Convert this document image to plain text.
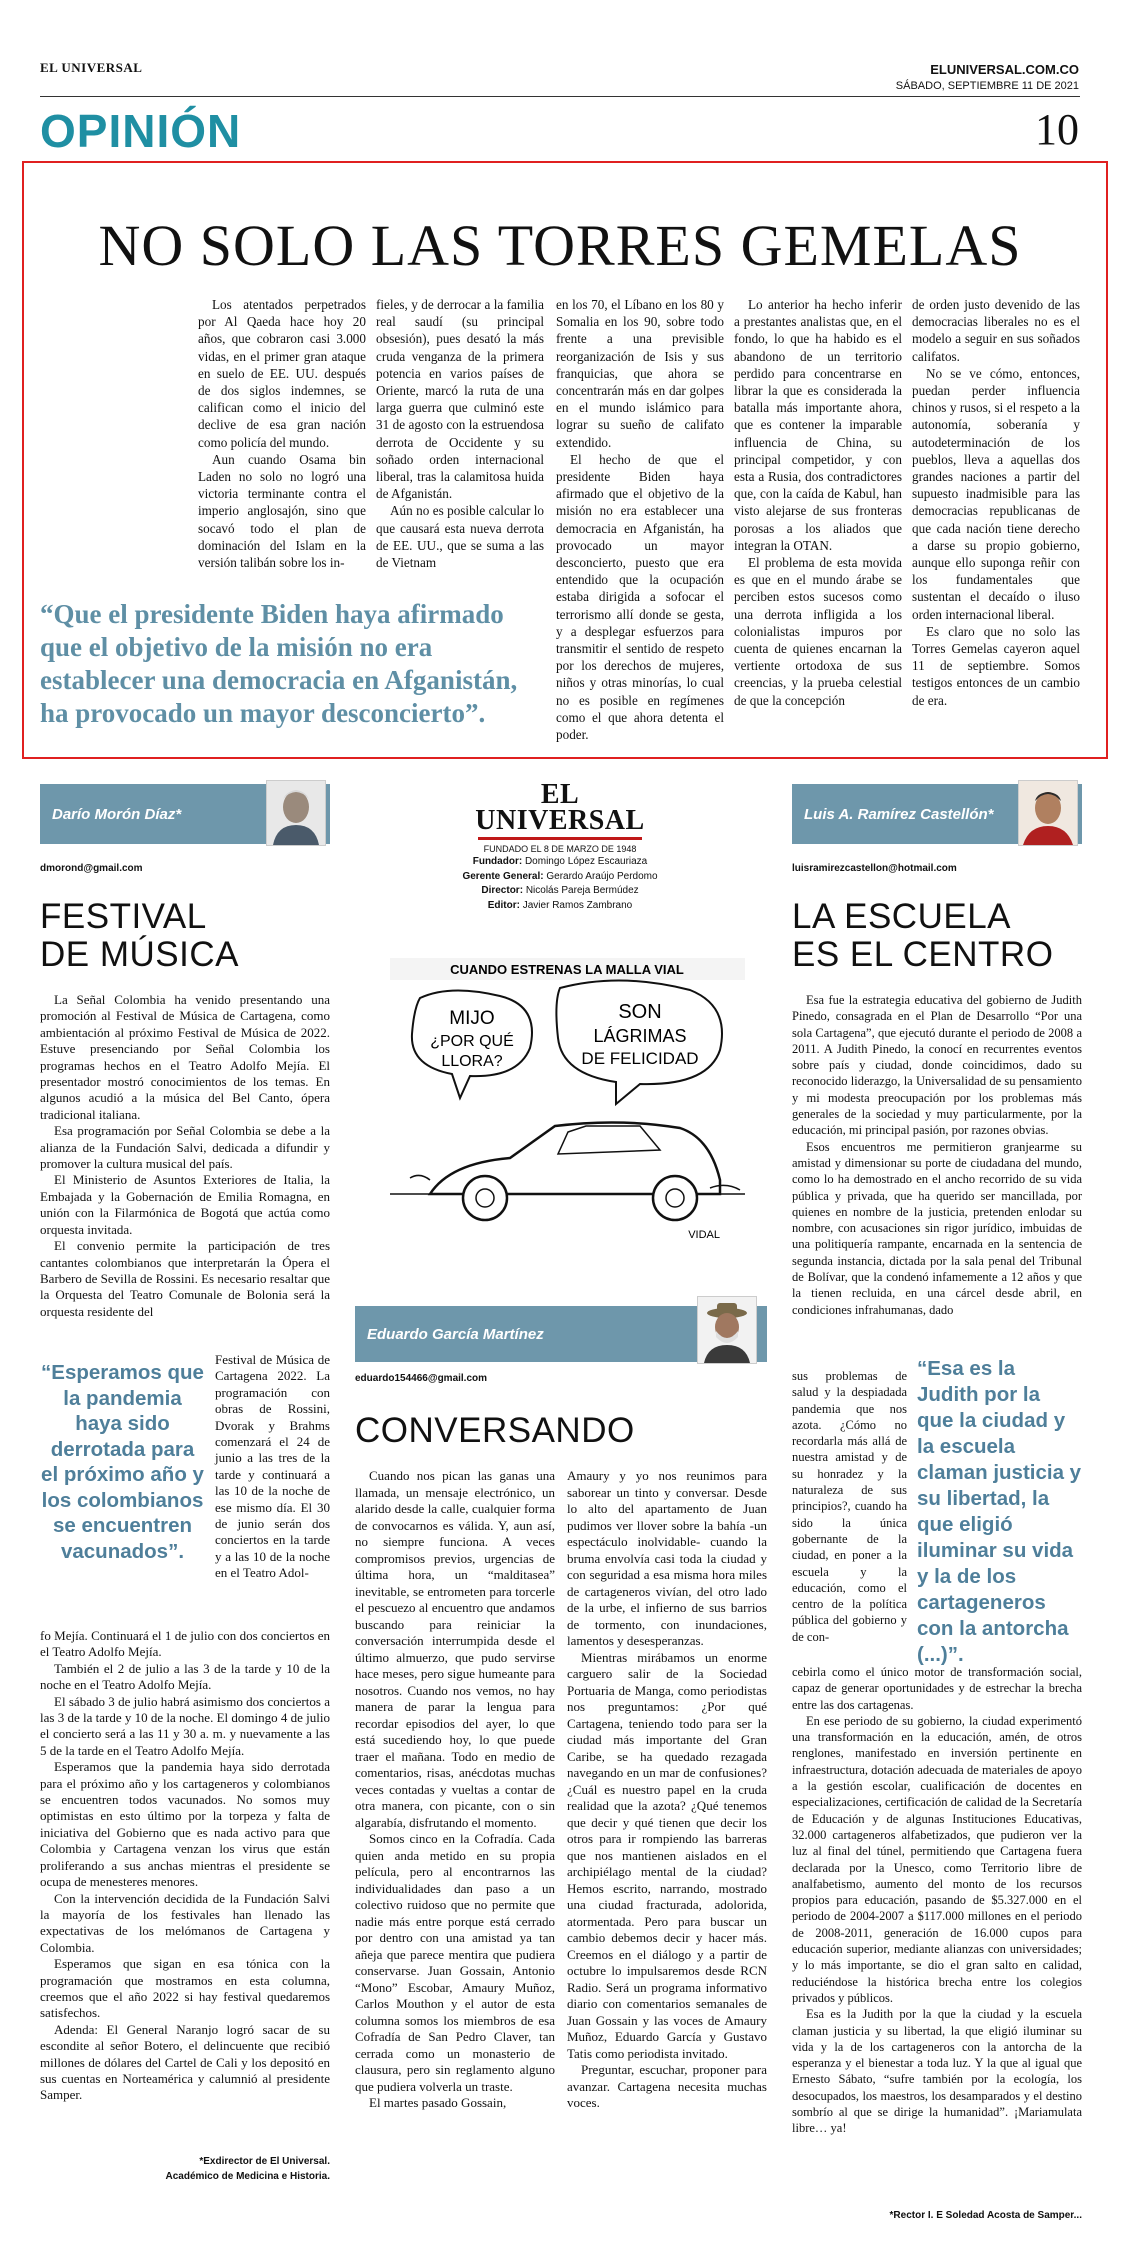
EL UNIVERSAL	ELUNIVERSAL.COM.CO
SÁBADO, SEPTIEMBRE 11 DE 2021
OPINIÓN	10
NO SOLO LAS TORRES GEMELAS

Los atentados perpetrados por Al Qaeda hace hoy 20 años, que cobraron casi 3.000 vidas, en el primer gran ataque en suelo de EE. UU. después de dos siglos indemnes, se califican como el inicio del declive de esa gran nación como policía del mundo.

Aun cuando Osama bin Laden no solo no logró una victoria terminante contra el imperio anglosajón, sino que socavó todo el plan de dominación del Islam en la versión talibán sobre los in-

fieles, y de derrocar a la familia real saudí (su principal obsesión), pues desató la más cruda venganza de la primera potencia en varios países de Oriente, marcó la ruta de una larga guerra que culminó este 31 de agosto con la estruendosa derrota de Occidente y su soñado orden internacional liberal, tras la calamitosa huida de Afganistán.

Aún no es posible calcular lo que causará esta nueva derrota de EE. UU., que se suma a las de Vietnam

en los 70, el Líbano en los 80 y Somalia en los 90, sobre todo frente a una previsible reorganización de Isis y sus franquicias, que ahora se concentrarán más en dar golpes en el mundo islámico para lograr su sueño de califato extendido.

El hecho de que el presidente Biden haya afirmado que el objetivo de la misión no era establecer una democracia en Afganistán, ha provocado un mayor desconcierto, puesto que era entendido que la ocupación estaba dirigida a sofocar el terrorismo allí donde se gesta, y a desplegar esfuerzos para transmitir el sentido de respeto por los derechos de mujeres, niños y otras minorías, lo cual no es posible en regímenes como el que ahora detenta el poder.

Lo anterior ha hecho inferir a prestantes analistas que, en el fondo, lo que ha habido es el abandono de un territorio perdido para concentrarse en librar la que es considerada la batalla más importante ahora, que es contener la imparable influencia de China, su principal competidor, y con esta a Rusia, dos contradictores que, con la caída de Kabul, han visto alejarse de sus fronteras porosas a los aliados que integran la OTAN.

El problema de esta movida es que en el mundo árabe se perciben estos sucesos como una derrota infligida a los colonialistas impuros por cuenta de quienes encarnan la vertiente ortodoxa de sus creencias, y la prueba celestial de que la concepción

de orden justo devenido de las democracias liberales no es el modelo a seguir en sus soñados califatos.

No se ve cómo, entonces, puedan perder influencia chinos y rusos, si el respeto a la autonomía, soberanía y autodeterminación de los pueblos, lleva a aquellas dos grandes naciones a partir del supuesto inadmisible para las democracias republicanas de que cada nación tiene derecho a darse su propio gobierno, aunque ello suponga reñir con los fundamentales que sustentan el decaído o iluso orden internacional liberal.

Es claro que no solo las Torres Gemelas cayeron aquel 11 de septiembre. Somos testigos entonces de un cambio de era.

“Que el presidente Biden haya afirmado que el objetivo de la misión no era establecer una democracia en Afganistán, ha provocado un mayor desconcierto”.
Darío Morón Díaz*
dmorond@gmail.com
Luis A. Ramírez Castellón*
luisramirezcastellon@hotmail.com
EL UNIVERSAL
FUNDADO EL 8 DE MARZO DE 1948
Fundador: Domingo López Escauriaza
Gerente General: Gerardo Araújo Perdomo
Director: Nicolás Pareja Bermúdez
Editor: Javier Ramos Zambrano
CUANDO ESTRENAS LA MALLA VIAL
MIJO
¿POR QUÉ
LLORA?
SON
LÁGRIMAS
DE FELICIDAD
VIDAL
FESTIVAL
DE MÚSICA

La Señal Colombia ha venido presentando una promoción al Festival de Música de Cartagena, como ambientación al próximo Festival de Música de 2022. Estuve presenciando por Señal Colombia los programas hechos en el Teatro Adolfo Mejía. El presentador mostró conocimientos de los temas. En algunos acudió a la música del Bel Canto, ópera tradicional italiana.

Esa programación por Señal Colombia se debe a la alianza de la Fundación Salvi, dedicada a difundir y promover la cultura musical del país.

El Ministerio de Asuntos Exteriores de Italia, la Embajada y la Gobernación de Emilia Romagna, en unión con la Filarmónica de Bogotá que actúa como orquesta invitada.

El convenio permite la participación de tres cantantes colombianos que interpretarán la Ópera el Barbero de Sevilla de Rossini. Es necesario resaltar que la Orquesta del Teatro Comunale de Bolonia será la orquesta residente del

“Esperamos que la pandemia haya sido derrotada para el próximo año y los colombianos se encuentren vacunados”.

Festival de Música de Cartagena 2022. La programación con obras de Rossini, Dvorak y Brahms comenzará el 24 de junio a las tres de la tarde y continuará a las 10 de la noche de ese mismo día. El 30 de junio serán dos conciertos en la tarde y a las 10 de la noche en el Teatro Adol-

fo Mejía. Continuará el 1 de julio con dos conciertos en el Teatro Adolfo Mejía.

También el 2 de julio a las 3 de la tarde y 10 de la noche en el Teatro Adolfo Mejía.

El sábado 3 de julio habrá asimismo dos conciertos a las 3 de la tarde y 10 de la noche. El domingo 4 de julio el concierto será a las 11 y 30 a. m. y nuevamente a las 5 de la tarde en el Teatro Adolfo Mejía.

Esperamos que la pandemia haya sido derrotada para el próximo año y los cartageneros y colombianos se encuentren todos vacunados. No somos muy optimistas en esto último por la torpeza y falta de iniciativa del Gobierno que es nada activo para que Colombia y Cartagena venzan los virus que están proliferando a sus anchas mientras el presidente se ocupa de menesteres menores.

Con la intervención decidida de la Fundación Salvi la mayoría de los festivales han llenado las expectativas de los melómanos de Cartagena y Colombia.

Esperamos que sigan en esa tónica con la programación que mostramos en esta columna, creemos que el año 2022 si hay festival quedaremos satisfechos.

Adenda: El General Naranjo logró sacar de su escondite al señor Botero, el delincuente que recibió millones de dólares del Cartel de Cali y los depositó en sus cuentas en Norteamérica y calumnió al presidente Samper.

*Exdirector de El Universal.
Académico de Medicina e Historia.
Eduardo García Martínez
eduardo154466@gmail.com
CONVERSANDO

Cuando nos pican las ganas una llamada, un mensaje electrónico, un alarido desde la calle, cualquier forma de convocarnos es válida. Y, aun así, no siempre funciona. A veces compromisos previos, urgencias de última hora, un “malditasea” inevitable, se entrometen para torcerle el pescuezo al encuentro que andamos buscando para reiniciar la conversación interrumpida desde el último almuerzo, que pudo servirse hace meses, pero sigue humeante para nosotros. Cuando nos vemos, no hay manera de parar la lengua para recordar episodios del ayer, lo que está sucediendo hoy, lo que puede traer el mañana. Todo en medio de comentarios, risas, anécdotas muchas veces contadas y vueltas a contar de otra manera, con picante, con o sin algarabía, disfrutando el momento.

Somos cinco en la Cofradía. Cada quien anda metido en su propia película, pero al encontrarnos las individualidades dan paso a un colectivo ruidoso que no permite que nadie más entre porque está cerrado por dentro con una amistad ya tan añeja que parece mentira que pudiera conservarse. Juan Gossain, Antonio “Mono” Escobar, Amaury Muñoz, Carlos Mouthon y el autor de esta columna somos los miembros de esa Cofradía de San Pedro Claver, tan cerrada como un monasterio de clausura, pero sin reglamento alguno que pudiera volverla un traste.

El martes pasado Gossain,

Amaury y yo nos reunimos para saborear un tinto y conversar. Desde lo alto del apartamento de Juan pudimos ver llover sobre la bahía -un espectáculo inolvidable- cuando la bruma envolvía casi toda la ciudad y con seguridad a esa misma hora miles de cartageneros vivían, del otro lado de la urbe, el infierno de sus barrios de tormento, con inundaciones, lamentos y desesperanzas.

Mientras mirábamos un enorme carguero salir de la Sociedad Portuaria de Manga, como periodistas nos preguntamos: ¿Por qué Cartagena, teniendo todo para ser la ciudad más importante del Gran Caribe, se ha quedado rezagada navegando en un mar de confusiones? ¿Cuál es nuestro papel en la cruda realidad que la azota? ¿Qué tenemos que decir y qué tienen que decir los otros para ir rompiendo las barreras que nos mantienen aislados en el archipiélago mental de la ciudad? Hemos escrito, narrando, mostrado una ciudad fracturada, adolorida, atormentada. Pero para buscar un cambio debemos decir y hacer más. Creemos en el diálogo y a partir de octubre lo impulsaremos desde RCN Radio. Será un programa informativo diario con comentarios semanales de Juan Gossain y las voces de Amaury Muñoz, Eduardo García y Gustavo Tatis como periodista invitado.

Preguntar, escuchar, proponer para avanzar. Cartagena necesita muchas voces.

LA ESCUELA
ES EL CENTRO

Esa fue la estrategia educativa del gobierno de Judith Pinedo, consagrada en el Plan de Desarrollo “Por una sola Cartagena”, que ejecutó durante el periodo de 2008 a 2011. A Judith Pinedo, la conocí en recurrentes eventos sobre país y ciudad, donde coincidimos, dado su reconocido liderazgo, la Universalidad de su pensamiento y mi modesta preocupación por los problemas más generales de la sociedad y muy particularmente, por la educación, mi principal pasión, por razones obvias.

Esos encuentros me permitieron granjearme su amistad y dimensionar su porte de ciudadana del mundo, como lo ha demostrado en el ancho recorrido de su vida pública y privada, que ha querido ser mancillada, por quienes en nombre de la justicia, pretenden enlodar su nombre, con acusaciones sin rigor jurídico, imbuidas de una politiquería rampante, encarnada en la sentencia de segunda instancia, dictada por la sala penal del Tribunal de Bolívar, que la condenó infamemente a 12 años y que la tienen recluida, en una cárcel desde abril, en condiciones infrahumanas, dado

sus problemas de salud y la despiadada pandemia que nos azota. ¿Cómo no recordarla más allá de nuestra amistad y de su honradez y la naturaleza de sus principios?, cuando ha sido la única gobernante de la ciudad, en poner a la escuela y la educación, como el centro de la política pública del gobierno y de con-

“Esa es la Judith por la que la ciudad y la escuela claman justicia y su libertad, la que eligió iluminar su vida y la de los cartageneros con la antorcha (...)”.

cebirla como el único motor de transformación social, capaz de generar oportunidades y de estrechar la brecha entre las dos cartagenas.

En ese periodo de su gobierno, la ciudad experimentó una transformación en la educación, amén, de otros renglones, manifestado en inversión pertinente en infraestructura, dotación adecuada de materiales de apoyo a la gestión escolar, cualificación de docentes en especializaciones, certificación de calidad de la Secretaría de Educación y de algunas Instituciones Educativas, 32.000 cartageneros alfabetizados, que pudieron ver la luz al final del túnel, permitiendo que Cartagena fuera declarada por la Unesco, como Territorio libre de analfabetismo, aumento del monto de los recursos propios para educación, pasando de $5.327.000 en el periodo de 2004-2007 a $117.000 millones en el periodo de 2008-2011, generación de 16.000 cupos para educación superior, mediante alianzas con universidades; y lo más importante, se dio el gran salto en calidad, reduciéndose la histórica brecha entre los colegios privados y públicos.

Esa es la Judith por la que la ciudad y la escuela claman justicia y su libertad, la que eligió iluminar su vida y la de los cartageneros con la antorcha de la esperanza y el bienestar a toda luz. Y la que al igual que Ernesto Sábato, “sufre también por la ecología, los desocupados, los maestros, los desamparados y el destino sombrío al que se dirige la humanidad”. ¡Mariamulata libre… ya!

*Rector I. E Soledad Acosta de Samper...
